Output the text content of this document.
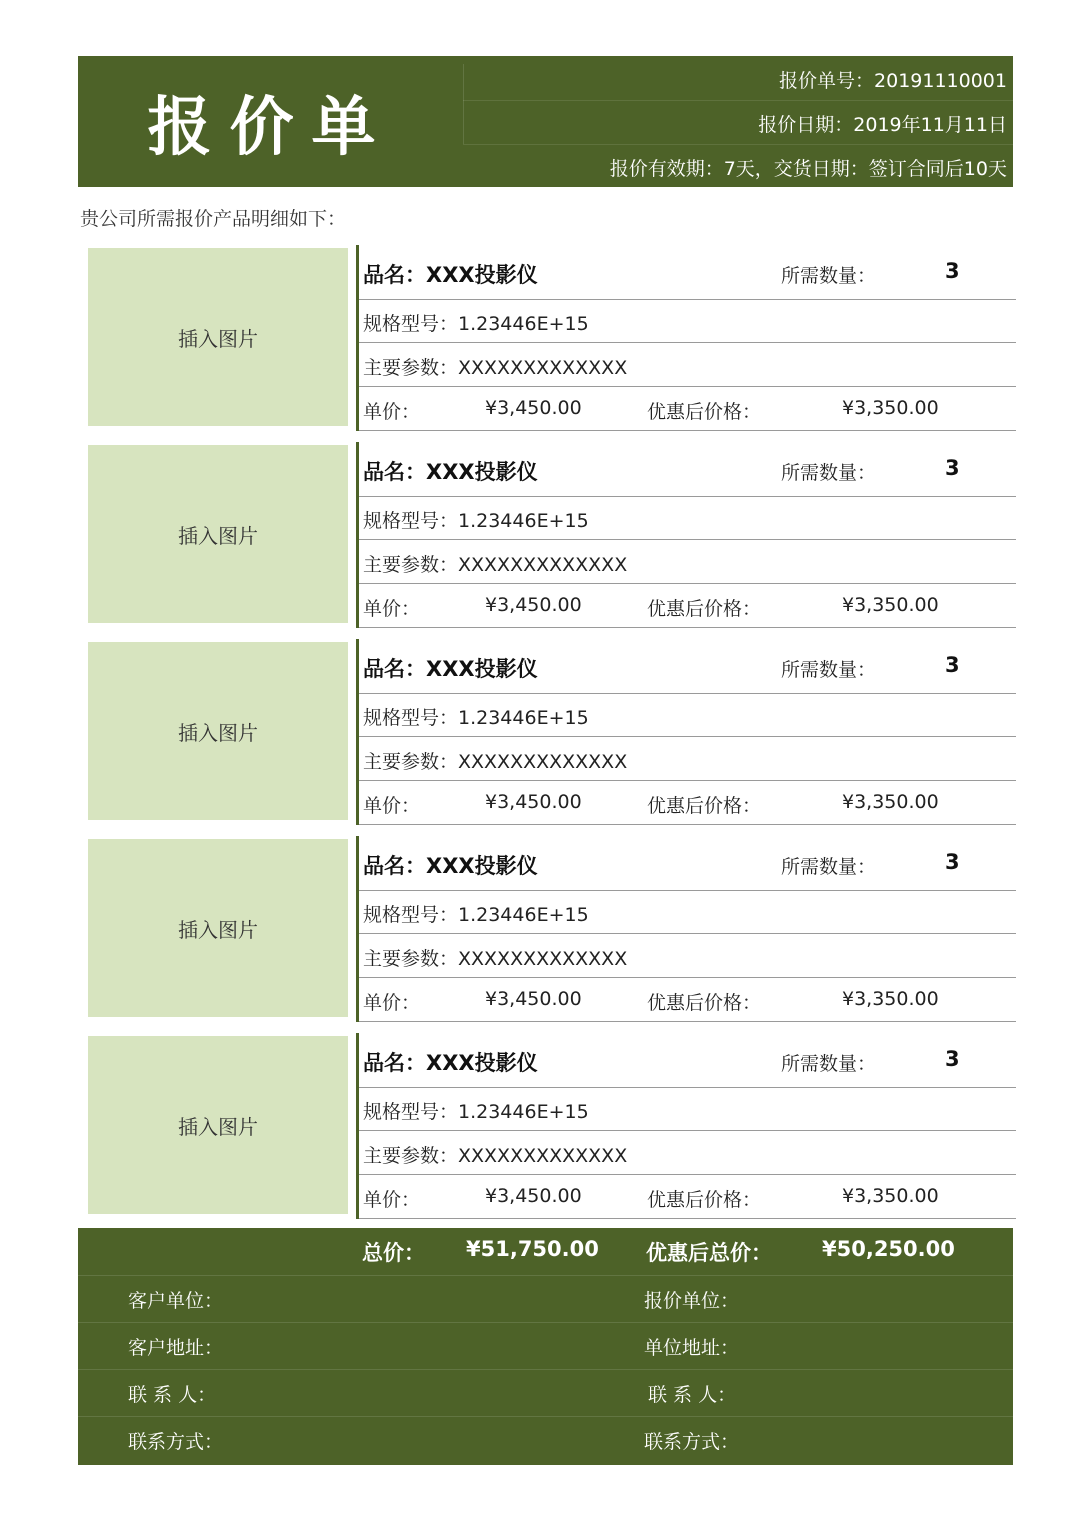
报价单
报价单号：20191110001
报价日期：2019年11月11日
报价有效期：7天，交货日期：签订合同后10天
贵公司所需报价产品明细如下：
插入图片
品名：XXX投影仪	所需数量：	3
规格型号：1.23446E+15
主要参数：XXXXXXXXXXXXX
单价：	¥3,450.00	优惠后价格：	¥3,350.00
插入图片
品名：XXX投影仪	所需数量：	3
规格型号：1.23446E+15
主要参数：XXXXXXXXXXXXX
单价：	¥3,450.00	优惠后价格：	¥3,350.00
插入图片
品名：XXX投影仪	所需数量：	3
规格型号：1.23446E+15
主要参数：XXXXXXXXXXXXX
单价：	¥3,450.00	优惠后价格：	¥3,350.00
插入图片
品名：XXX投影仪	所需数量：	3
规格型号：1.23446E+15
主要参数：XXXXXXXXXXXXX
单价：	¥3,450.00	优惠后价格：	¥3,350.00
插入图片
品名：XXX投影仪	所需数量：	3
规格型号：1.23446E+15
主要参数：XXXXXXXXXXXXX
单价：	¥3,450.00	优惠后价格：	¥3,350.00
总价： ¥51,750.00 优惠后总价： ¥50,250.00
客户单位：	报价单位：
客户地址：	单位地址：
联 系 人：	联 系 人：
联系方式：	联系方式：
